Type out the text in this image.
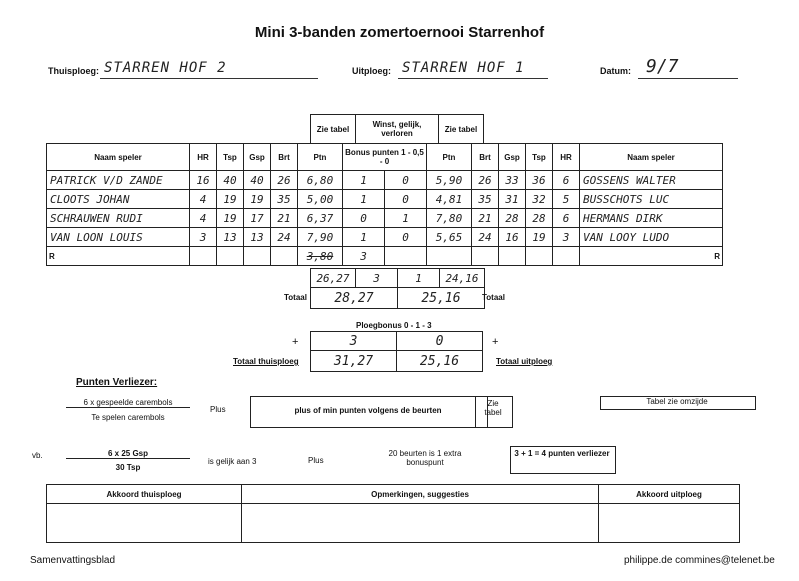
Mini 3-banden zomertoernooi Starrenhof
Thuisploeg: STARREN HOF 2	Uitploeg: STARREN HOF 1	Datum: 9/7
Zie tabel	Winst, gelijk, verloren	Zie tabel
Naam speler	HR	Tsp	Gsp	Brt	Ptn	Bonus punten 1 - 0,5 - 0		Ptn	Brt	Gsp	Tsp	HR	Naam speler
PATRICK V/D ZANDE	16	40	40	26	6,80	1	0	5,90	26	33	36	6	GOSSENS WALTER
CLOOTS JOHAN	4	19	19	35	5,00	1	0	4,81	35	31	32	5	BUSSCHOTS LUC
SCHRAUWEN RUDI	4	19	17	21	6,37	0	1	7,80	21	28	28	6	HERMANS DIRK
VAN LOON LOUIS	3	13	13	24	7,90	1	0	5,65	24	16	19	3	VAN LOOY LUDO
R					3,80	3							R
26,27	3	1	24,16
28,27		25,16	
Totaal	Totaal
Ploegbonus 0 - 1 - 3
+	+
3	0
31,27	25,16
Totaal thuisploeg	Totaal uitploeg
Punten Verliezer:
6 x gespeelde carembols
Te spelen carembols
Plus	plus of min punten volgens de beurten
Zie tabel
Tabel zie omzijde
vb.	6 x 25 Gsp
30 Tsp
is gelijk aan 3	Plus
20 beurten is 1 extra bonuspunt
3 + 1 = 4 punten verliezer
Akkoord thuisploeg	Opmerkingen, suggesties	Akkoord uitploeg

Samenvattingsblad	philippe.de commines@telenet.be
